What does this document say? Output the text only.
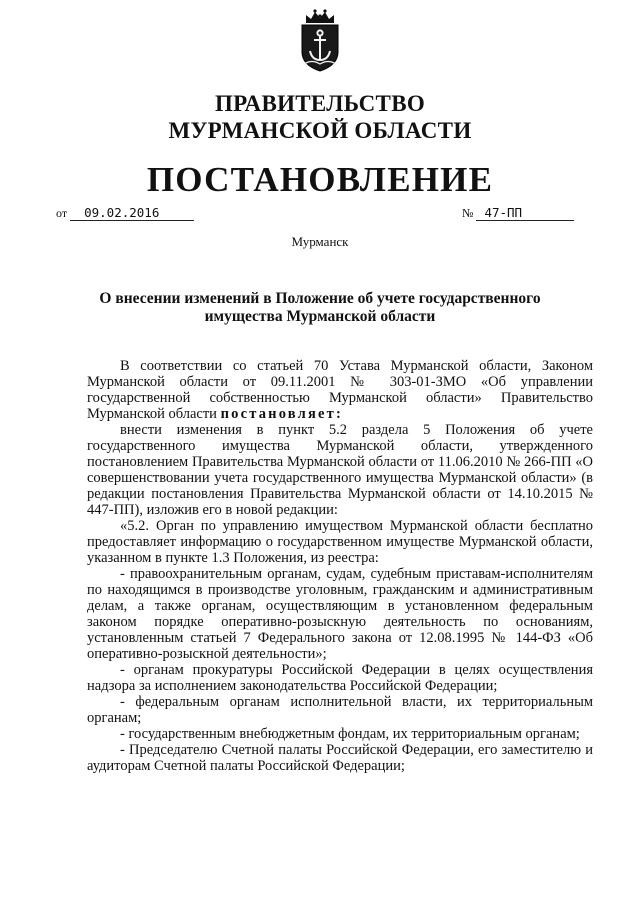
ПРАВИТЕЛЬСТВО
МУРМАНСКОЙ ОБЛАСТИ
ПОСТАНОВЛЕНИЕ
от 09.02.2016	№ 47-ПП
Мурманск
О внесении изменений в Положение об учете государственного
имущества Мурманской области

В соответствии со статьей 70 Устава Мурманской области, Законом Мурманской области от 09.11.2001 № 303-01-ЗМО «Об управлении государственной собственностью Мурманской области» Правительство Мурманской области постановляет:

внести изменения в пункт 5.2 раздела 5 Положения об учете государственного имущества Мурманской области, утвержденного постановлением Правительства Мурманской области от 11.06.2010 № 266-ПП «О совершенствовании учета государственного имущества Мурманской области» (в редакции постановления Правительства Мурманской области от 14.10.2015 № 447-ПП), изложив его в новой редакции:

«5.2. Орган по управлению имуществом Мурманской области бесплатно предоставляет информацию о государственном имуществе Мурманской области, указанном в пункте 1.3 Положения, из реестра:

- правоохранительным органам, судам, судебным приставам-исполнителям по находящимся в производстве уголовным, гражданским и административным делам, а также органам, осуществляющим в установленном федеральным законом порядке оперативно-розыскную деятельность по основаниям, установленным статьей 7 Федерального закона от 12.08.1995 № 144-ФЗ «Об оперативно-розыскной деятельности»;

- органам прокуратуры Российской Федерации в целях осуществления надзора за исполнением законодательства Российской Федерации;

- федеральным органам исполнительной власти, их территориальным органам;

- государственным внебюджетным фондам, их территориальным органам;

- Председателю Счетной палаты Российской Федерации, его заместителю и аудиторам Счетной палаты Российской Федерации;
